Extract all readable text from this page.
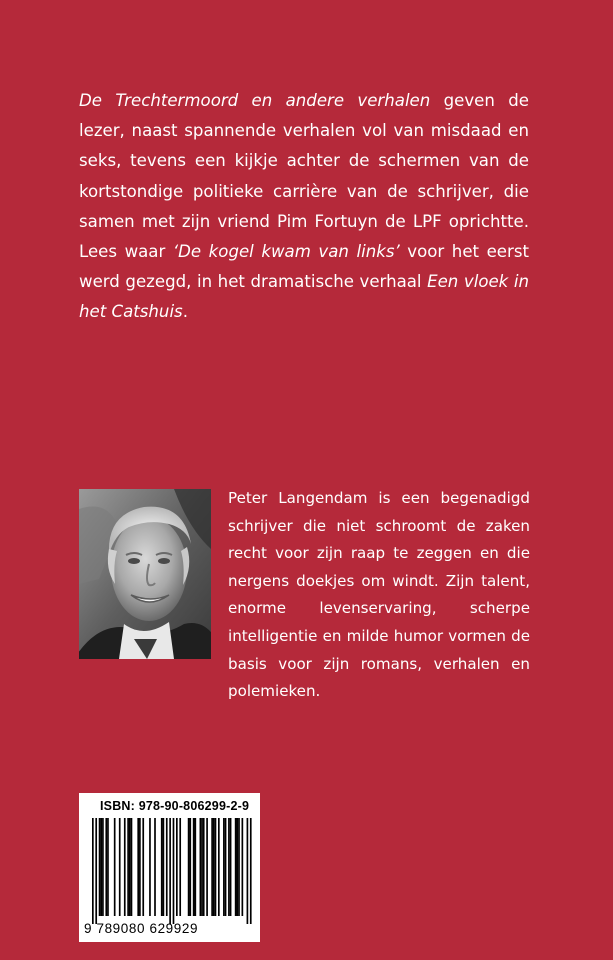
De Trechtermoord en andere verhalen geven de lezer, naast spannende verhalen vol van misdaad en seks, tevens een kijkje achter de schermen van de kortstondige politieke carrière van de schrijver, die samen met zijn vriend Pim Fortuyn de LPF oprichtte. Lees waar ‘De kogel kwam van links’ voor het eerst werd gezegd, in het dramatische verhaal Een vloek in het Catshuis.

Peter Langendam is een begenadigd schrijver die niet schroomt de zaken recht voor zijn raap te zeggen en die nergens doekjes om windt. Zijn talent, enorme levenservaring, scherpe intelligentie en milde humor vormen de basis voor zijn romans, verhalen en polemieken.

ISBN: 978-90-806299-2-9
9 789080 629929
